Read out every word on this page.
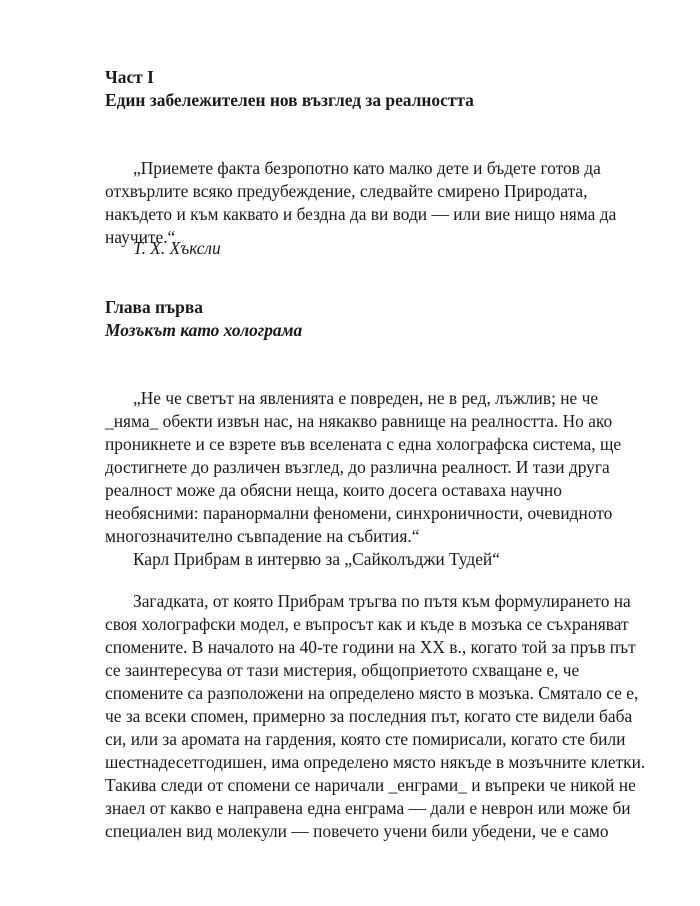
Част I
Един забележителен нов възглед за реалността
„Приемете факта безропотно като малко дете и бъдете готов да
отхвърлите всяко предубеждение, следвайте смирено Природата,
накъдето и към каквато и бездна да ви води — или вие нищо няма да
научите.“
Т. Х. Хъксли
Глава първа
Мозъкът като холограма
„Не че светът на явленията е повреден, не в ред, лъжлив; не че
_няма_ обекти извън нас, на някакво равнище на реалността. Но ако
проникнете и се взрете във вселената с една холографска система, ще
достигнете до различен възглед, до различна реалност. И тази друга
реалност може да обясни неща, които досега оставаха научно
необясними: паранормални феномени, синхроничности, очевидното
многозначително съвпадение на събития.“
Карл Прибрам в интервю за „Сайколъджи Тудей“
Загадката, от която Прибрам тръгва по пътя към формулирането на
своя холографски модел, е въпросът как и къде в мозъка се съхраняват
спомените. В началото на 40-те години на XX в., когато той за пръв път
се заинтересува от тази мистерия, общоприетото схващане е, че
спомените са разположени на определено място в мозъка. Смятало се е,
че за всеки спомен, примерно за последния път, когато сте видели баба
си, или за аромата на гардения, която сте помирисали, когато сте били
шестнадесетгодишен, има определено място някъде в мозъчните клетки.
Такива следи от спомени се наричали _енграми_ и въпреки че никой не
знаел от какво е направена една енграма — дали е неврон или може би
специален вид молекули — повечето учени били убедени, че е само
